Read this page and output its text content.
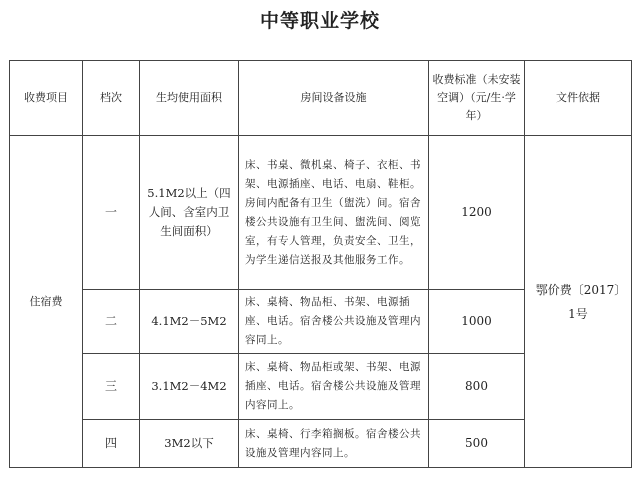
中等职业学校
收费项目	档次	生均使用面积	房间设备设施	收费标准（未安装空调）（元/生·学年）	文件依据
住宿费	一	5.1M2以上（四人间、含室内卫生间面积）	床、书桌、微机桌、椅子、衣柜、书架、电源插座、电话、电扇、鞋柜。房间内配备有卫生（盥洗）间。宿舍楼公共设施有卫生间、盥洗间、阅览室，有专人管理，负责安全、卫生，为学生递信送报及其他服务工作。	1200	鄂价费〔2017〕1号
	二	4.1M2－5M2	床、桌椅、物品柜、书架、电源插座、电话。宿舍楼公共设施及管理内容同上。	1000	
	三	3.1M2－4M2	床、桌椅、物品柜或架、书架、电源插座、电话。宿舍楼公共设施及管理内容同上。	800	
	四	3M2以下	床、桌椅、行李箱搁板。宿舍楼公共设施及管理内容同上。	500	
